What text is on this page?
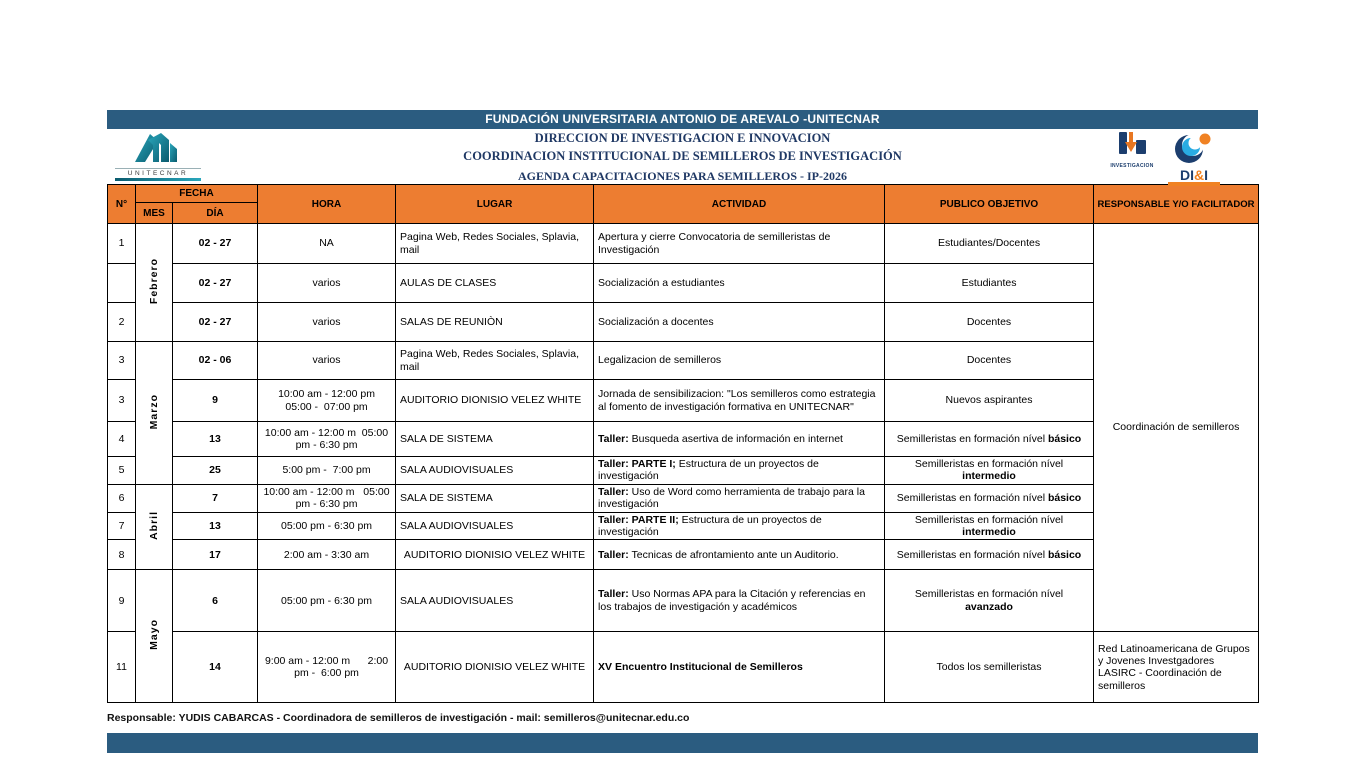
FUNDACIÓN UNIVERSITARIA ANTONIO DE AREVALO -UNITECNAR
UNITECNAR
DIRECCION DE INVESTIGACION E INNOVACION
COORDINACION INSTITUCIONAL DE SEMILLEROS DE INVESTIGACIÓN
AGENDA CAPACITACIONES PARA SEMILLEROS - IP-2026
INVESTIGACION
DI&I
N°	FECHA		HORA	LUGAR	ACTIVIDAD	PUBLICO OBJETIVO	RESPONSABLE Y/O FACILITADOR
	MES	DÍA					
1	Febrero	02 - 27	NA	Pagina Web, Redes Sociales, Splavia, mail	Apertura y cierre Convocatoria de semilleristas de Investigación	Estudiantes/Docentes	Coordinación de semilleros
		02 - 27	varios	AULAS DE CLASES	Socialización a estudiantes	Estudiantes	
2		02 - 27	varios	SALAS DE REUNIÒN	Socialización a docentes	Docentes	
3	Marzo	02 - 06	varios	Pagina Web, Redes Sociales, Splavia, mail	Legalizacion de semilleros	Docentes	
3		9	10:00 am - 12:00 pm
05:00 -  07:00 pm	AUDITORIO DIONISIO VELEZ WHITE	Jornada de sensibilizacion: "Los semilleros como estrategia al fomento de investigación formativa en UNITECNAR"	Nuevos aspirantes	
4		13	10:00 am - 12:00 m  05:00 pm - 6:30 pm	SALA DE SISTEMA	Taller: Busqueda asertiva de información en internet	Semilleristas en formación nível básico	
5		25	5:00 pm -  7:00 pm	SALA AUDIOVISUALES	Taller: PARTE I; Estructura de un proyectos de investigación	Semilleristas en formación nível
intermedio	
6	Abril	7	10:00 am - 12:00 m   05:00 pm - 6:30 pm	SALA DE SISTEMA	Taller: Uso de Word como herramienta de trabajo para la investigación	Semilleristas en formación nível básico	
7		13	05:00 pm - 6:30 pm	SALA AUDIOVISUALES	Taller: PARTE II; Estructura de un proyectos de investigación	Semilleristas en formación nível
intermedio	
8		17	2:00 am - 3:30 am	AUDITORIO DIONISIO VELEZ WHITE	Taller: Tecnicas de afrontamiento ante un Auditorio.	Semilleristas en formación nível básico	
9	Mayo	6	05:00 pm - 6:30 pm	SALA AUDIOVISUALES	Taller: Uso Normas APA para la Citación y referencias en los trabajos de investigación y académicos	Semilleristas en formación nível
avanzado	
11		14	9:00 am - 12:00 m      2:00 pm -  6:00 pm	AUDITORIO DIONISIO VELEZ WHITE	XV Encuentro Institucional de Semilleros	Todos los semilleristas	Red Latinoamericana de Grupos y Jovenes Investgadores LASIRC - Coordinación de semilleros
Responsable: YUDIS CABARCAS - Coordinadora de semilleros de investigación - mail: semilleros@unitecnar.edu.co
